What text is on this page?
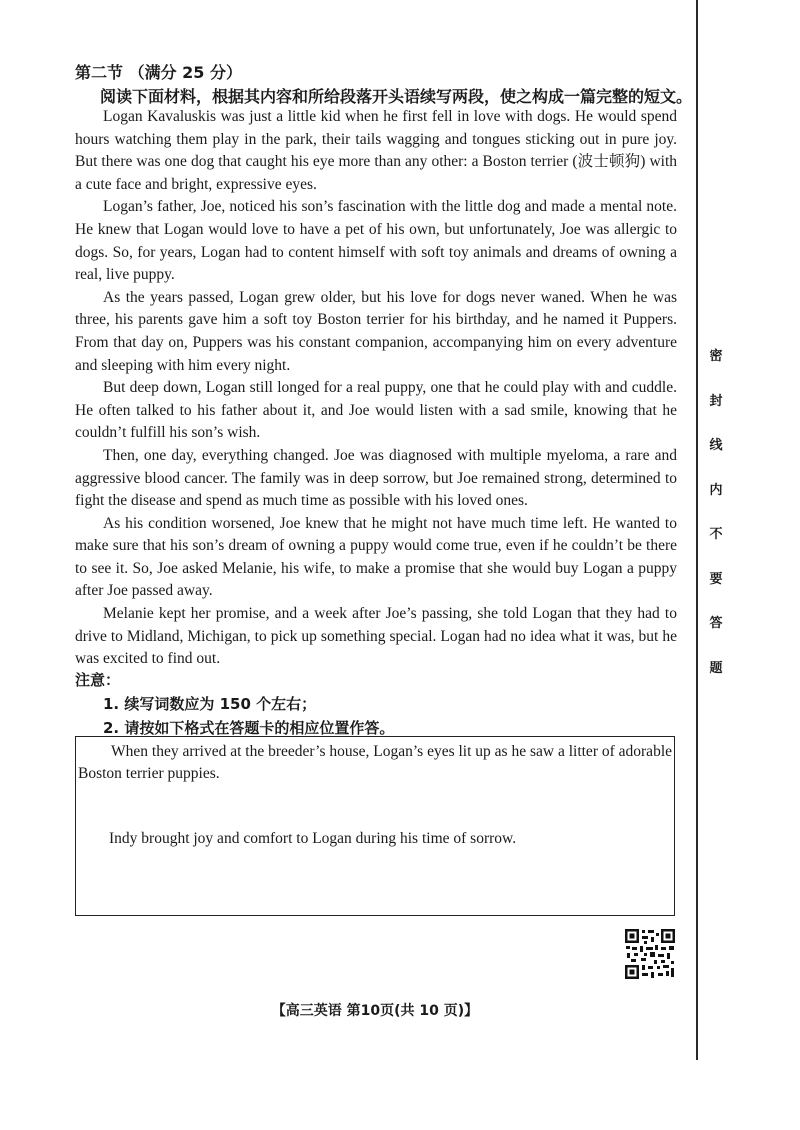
第二节 （满分 25 分）
阅读下面材料，根据其内容和所给段落开头语续写两段，使之构成一篇完整的短文。

Logan Kavaluskis was just a little kid when he first fell in love with dogs. He would spend hours watching them play in the park, their tails wagging and tongues sticking out in pure joy. But there was one dog that caught his eye more than any other: a Boston terrier (波士顿狗) with a cute face and bright, expressive eyes.

Logan’s father, Joe, noticed his son’s fascination with the little dog and made a mental note. He knew that Logan would love to have a pet of his own, but unfortunately, Joe was allergic to dogs. So, for years, Logan had to content himself with soft toy animals and dreams of owning a real, live puppy.

As the years passed, Logan grew older, but his love for dogs never waned. When he was three, his parents gave him a soft toy Boston terrier for his birthday, and he named it Puppers. From that day on, Puppers was his constant companion, accompanying him on every adventure and sleeping with him every night.

But deep down, Logan still longed for a real puppy, one that he could play with and cuddle. He often talked to his father about it, and Joe would listen with a sad smile, knowing that he couldn’t fulfill his son’s wish.

Then, one day, everything changed. Joe was diagnosed with multiple myeloma, a rare and aggressive blood cancer. The family was in deep sorrow, but Joe remained strong, determined to fight the disease and spend as much time as possible with his loved ones.

As his condition worsened, Joe knew that he might not have much time left. He wanted to make sure that his son’s dream of owning a puppy would come true, even if he couldn’t be there to see it. So, Joe asked Melanie, his wife, to make a promise that she would buy Logan a puppy after Joe passed away.

Melanie kept her promise, and a week after Joe’s passing, she told Logan that they had to drive to Midland, Michigan, to pick up something special. Logan had no idea what it was, but he was excited to find out.

注意：
1. 续写词数应为 150 个左右；
2. 请按如下格式在答题卡的相应位置作答。
When they arrived at the breeder’s house, Logan’s eyes lit up as he saw a litter of adorable Boston terrier puppies.
Indy brought joy and comfort to Logan during his time of sorrow.
【高三英语 第10页(共 10 页)】
密
封
线
内
不
要
答
题
